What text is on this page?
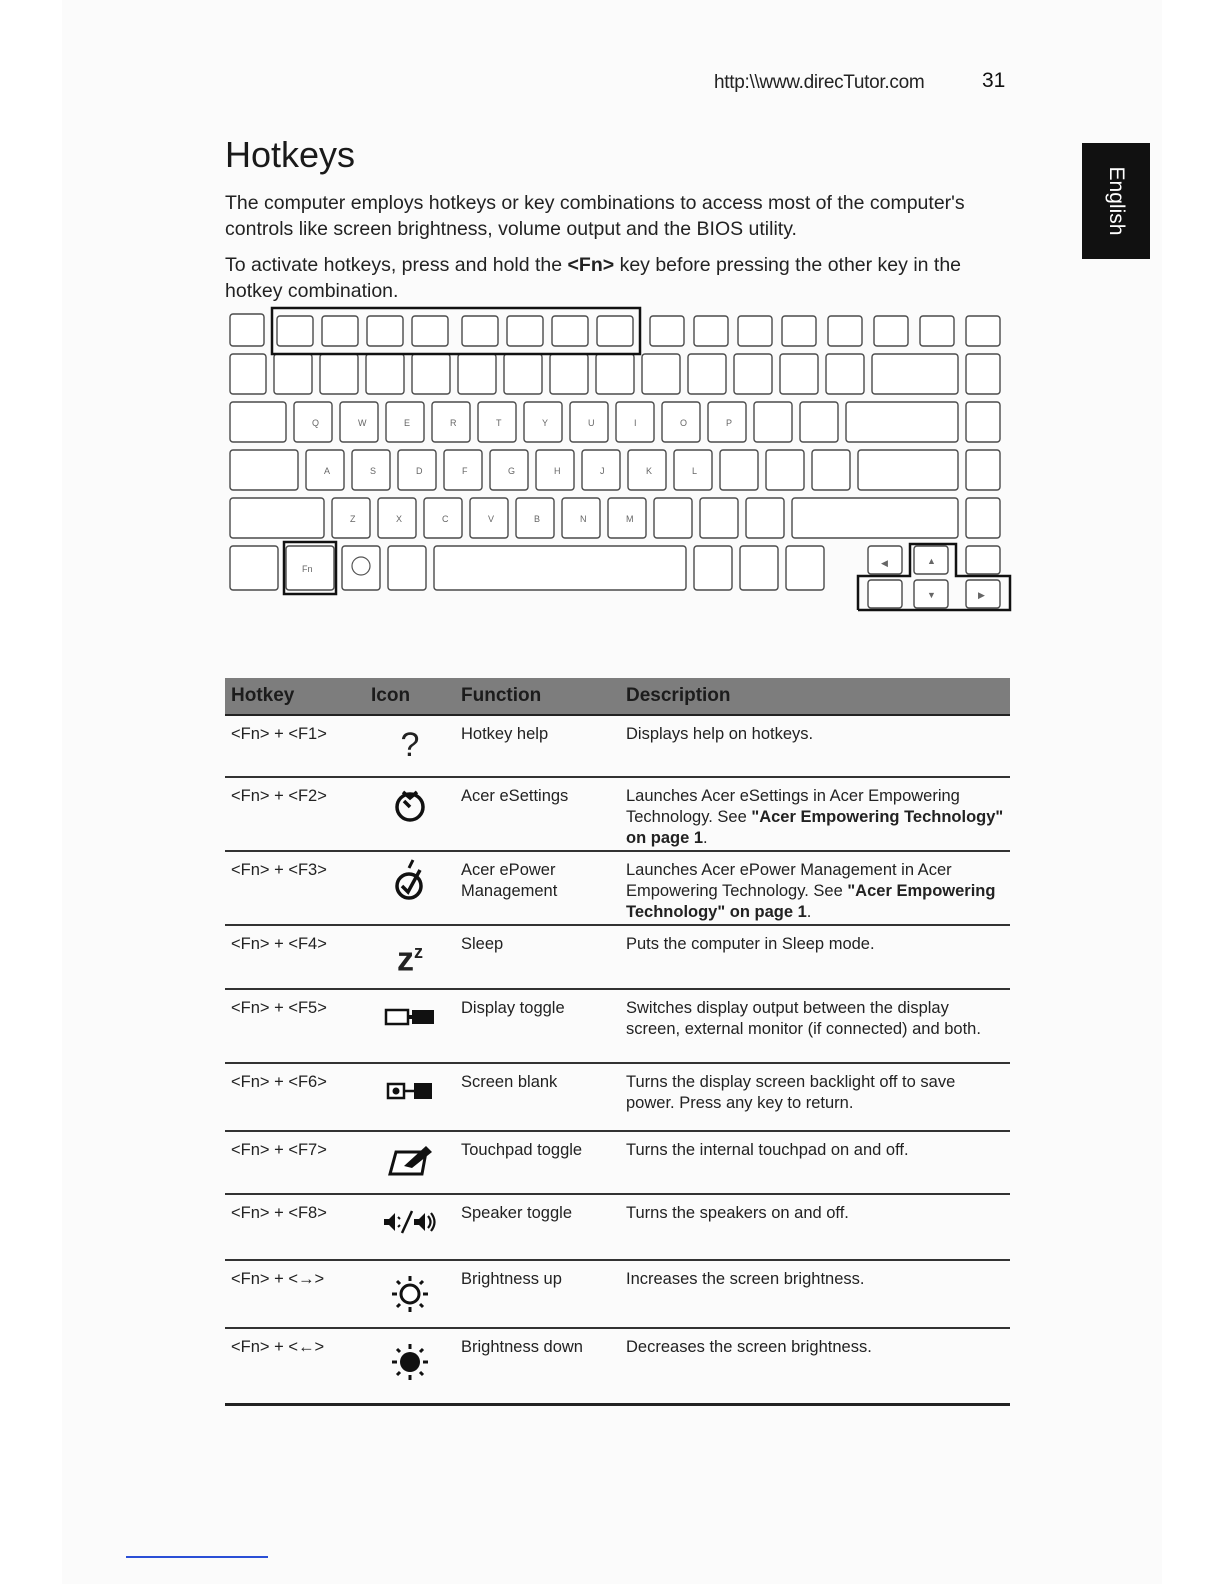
http:\\www.direcTutor.com	31
English
Hotkeys

The computer employs hotkeys or key combinations to access most of the computer's controls like screen brightness, volume output and the BIOS utility.

To activate hotkeys, press and hold the <Fn> key before pressing the other key in the hotkey combination.

Q	W	E	R	T	Y	U	I	O	P
A	S	D	F	G	H	J	K	L
Z	X	C	V	B	N	M
Fn
◀	▲
▼	▶
Hotkey	Icon	Function	Description
<Fn> + <F1>	?	Hotkey help	Displays help on hotkeys.
<Fn> + <F2>		Acer eSettings	Launches Acer eSettings in Acer Empowering Technology. See "Acer Empowering Technology" on page 1.
<Fn> + <F3>		Acer ePower Management	Launches Acer ePower Management in Acer Empowering Technology. See "Acer Empowering Technology" on page 1.
<Fn> + <F4>	$z^z$	Sleep	Puts the computer in Sleep mode.
<Fn> + <F5>		Display toggle	Switches display output between the display screen, external monitor (if connected) and both.
<Fn> + <F6>		Screen blank	Turns the display screen backlight off to save power. Press any key to return.
<Fn> + <F7>		Touchpad toggle	Turns the internal touchpad on and off.
<Fn> + <F8>		Speaker toggle	Turns the speakers on and off.
<Fn> + <→>		Brightness up	Increases the screen brightness.
<Fn> + <←>		Brightness down	Decreases the screen brightness.
